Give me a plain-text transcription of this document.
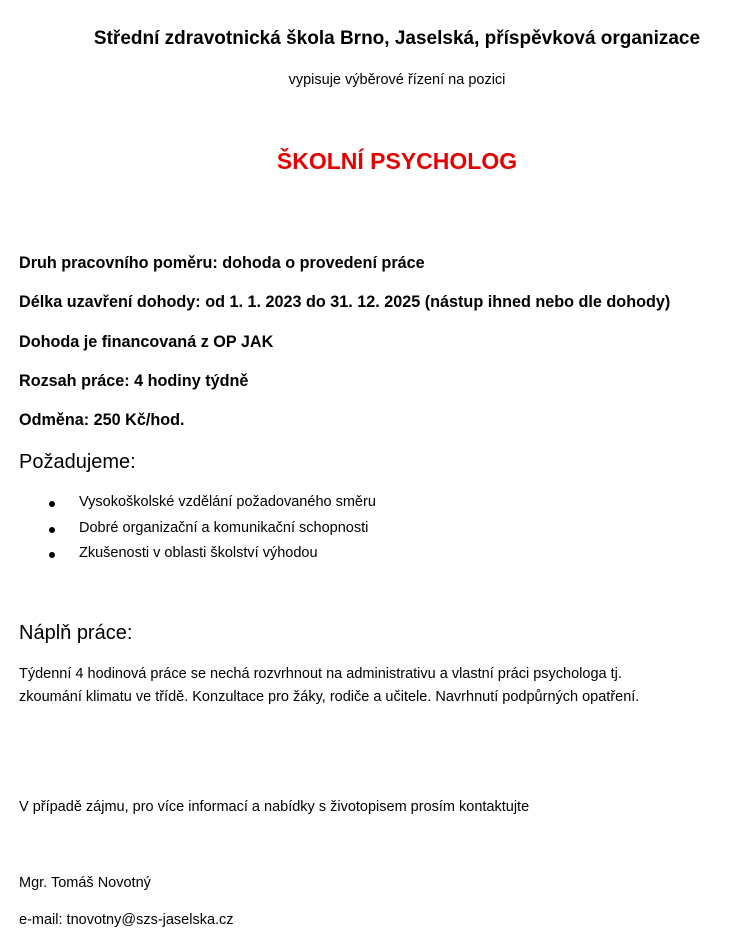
Střední zdravotnická škola Brno, Jaselská, příspěvková organizace
vypisuje výběrové řízení na pozici
ŠKOLNÍ PSYCHOLOG
Druh pracovního poměru: dohoda o provedení práce
Délka uzavření dohody: od 1. 1. 2023 do 31. 12. 2025 (nástup ihned nebo dle dohody)
Dohoda je financovaná z OP JAK
Rozsah práce: 4 hodiny týdně
Odměna: 250 Kč/hod.
Požadujeme:
Vysokoškolské vzdělání požadovaného směru
Dobré organizační a komunikační schopnosti
Zkušenosti v oblasti školství výhodou
Náplň práce:
Týdenní 4 hodinová práce se nechá rozvrhnout na administrativu a vlastní práci psychologa tj.
zkoumání klimatu ve třídě. Konzultace pro žáky, rodiče a učitele. Navrhnutí podpůrných opatření.
V případě zájmu, pro více informací a nabídky s životopisem prosím kontaktujte
Mgr. Tomáš Novotný
e-mail: tnovotny@szs-jaselska.cz
